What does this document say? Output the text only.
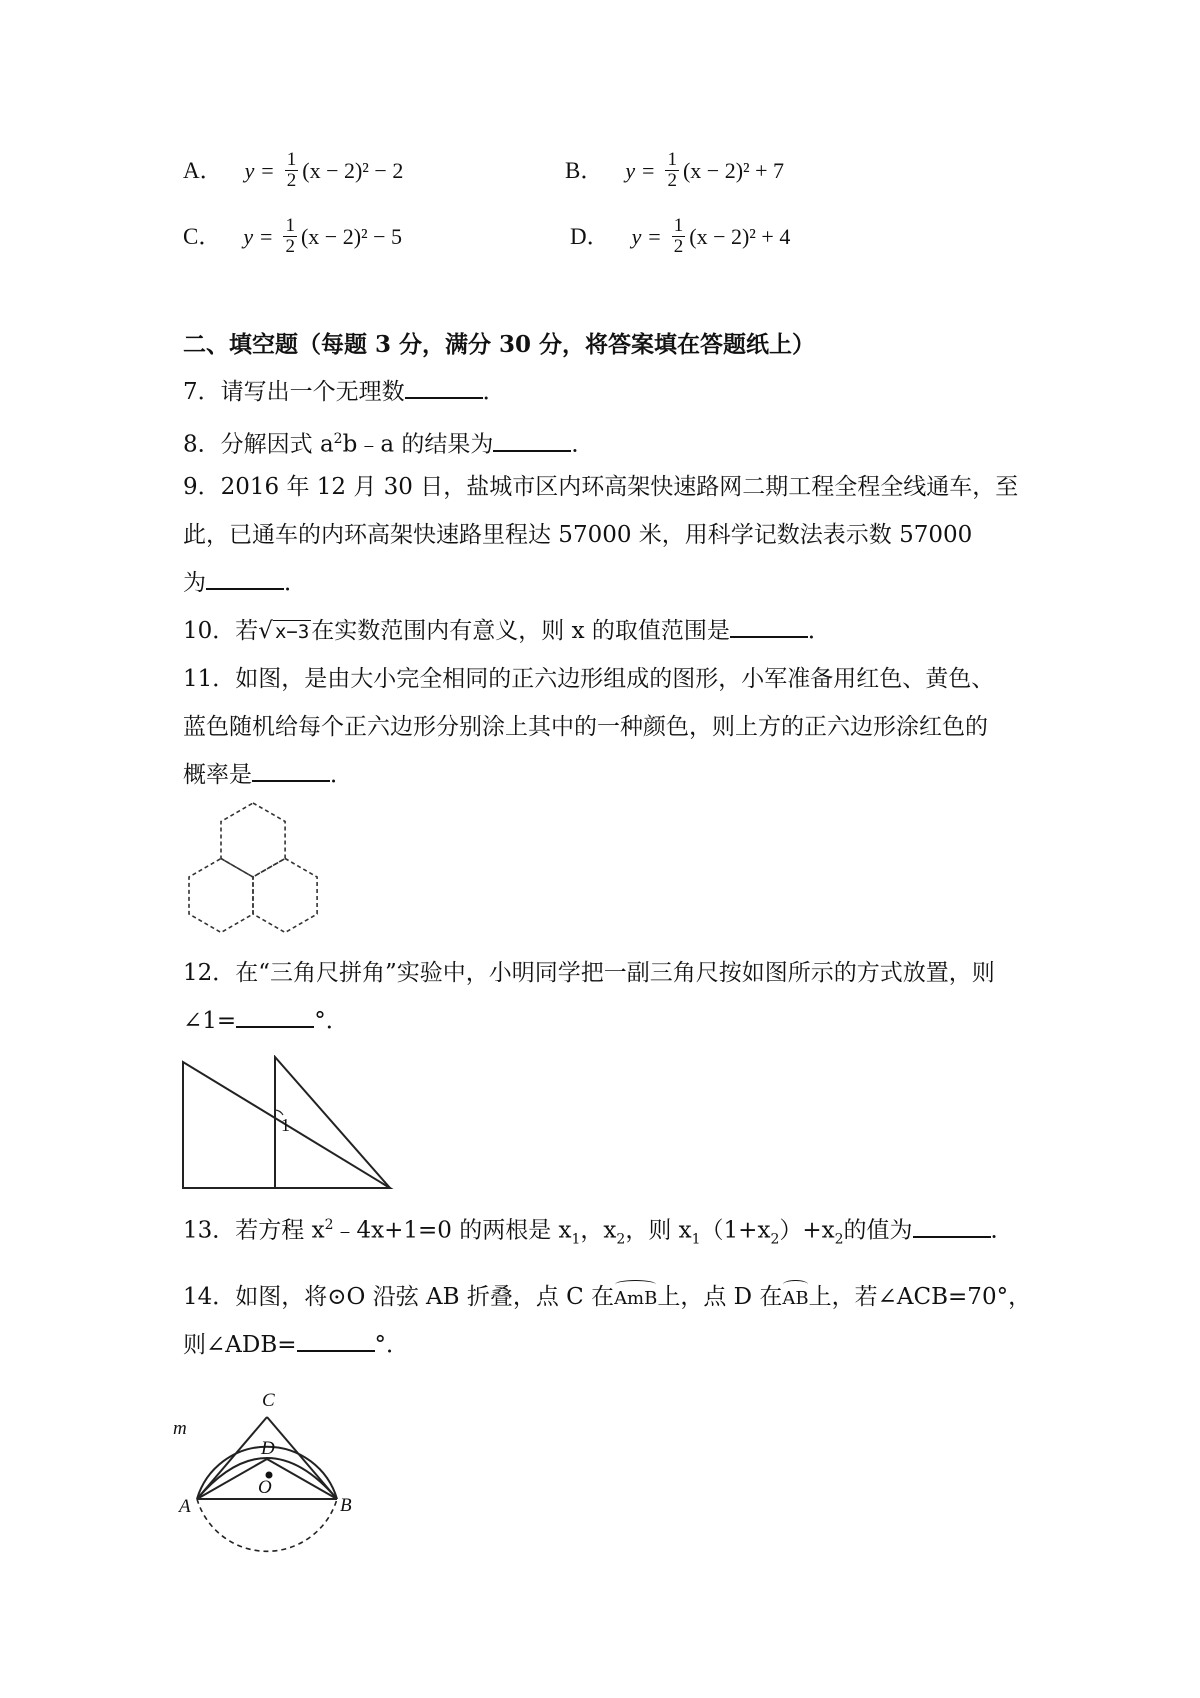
A． $y = \frac{1}{2} (x - 2)^2 - 2$	B． $y = \frac{1}{2} (x - 2)^2 + 7$
C． $y = \frac{1}{2} (x - 2)^2 - 5$	D． $y = \frac{1}{2} (x - 2)^2 + 4$
二、填空题（每题 3 分，满分 30 分，将答案填在答题纸上）
7．请写出一个无理数	．
8．分解因式 $a^2b﹣a$ 的结果为	．
9．2016 年 12 月 30 日，盐城市区内环高架快速路网二期工程全程全线通车，至
此，已通车的内环高架快速路里程达 57000 米，用科学记数法表示数 57000
为	．
10．若√ x−3在实数范围内有意义，则 x 的取值范围是	．
11．如图，是由大小完全相同的正六边形组成的图形，小军准备用红色、黄色、
蓝色随机给每个正六边形分别涂上其中的一种颜色，则上方的正六边形涂红色的
概率是	．
12．在“三角尺拼角”实验中，小明同学把一副三角尺按如图所示的方式放置，则
∠1=	°．
1
13．若方程 $x^2﹣4x+1=0$ 的两根是 $x_1$，$x_2$，则 $x_1(1+x_2)+x_2$的值为	．
14．如图，将⊙O 沿弦 AB 折叠，点 C 在AmB上，点 D 在AB上，若∠ACB=70°，
则∠ADB=	°．
C
D
O
A	B
m
